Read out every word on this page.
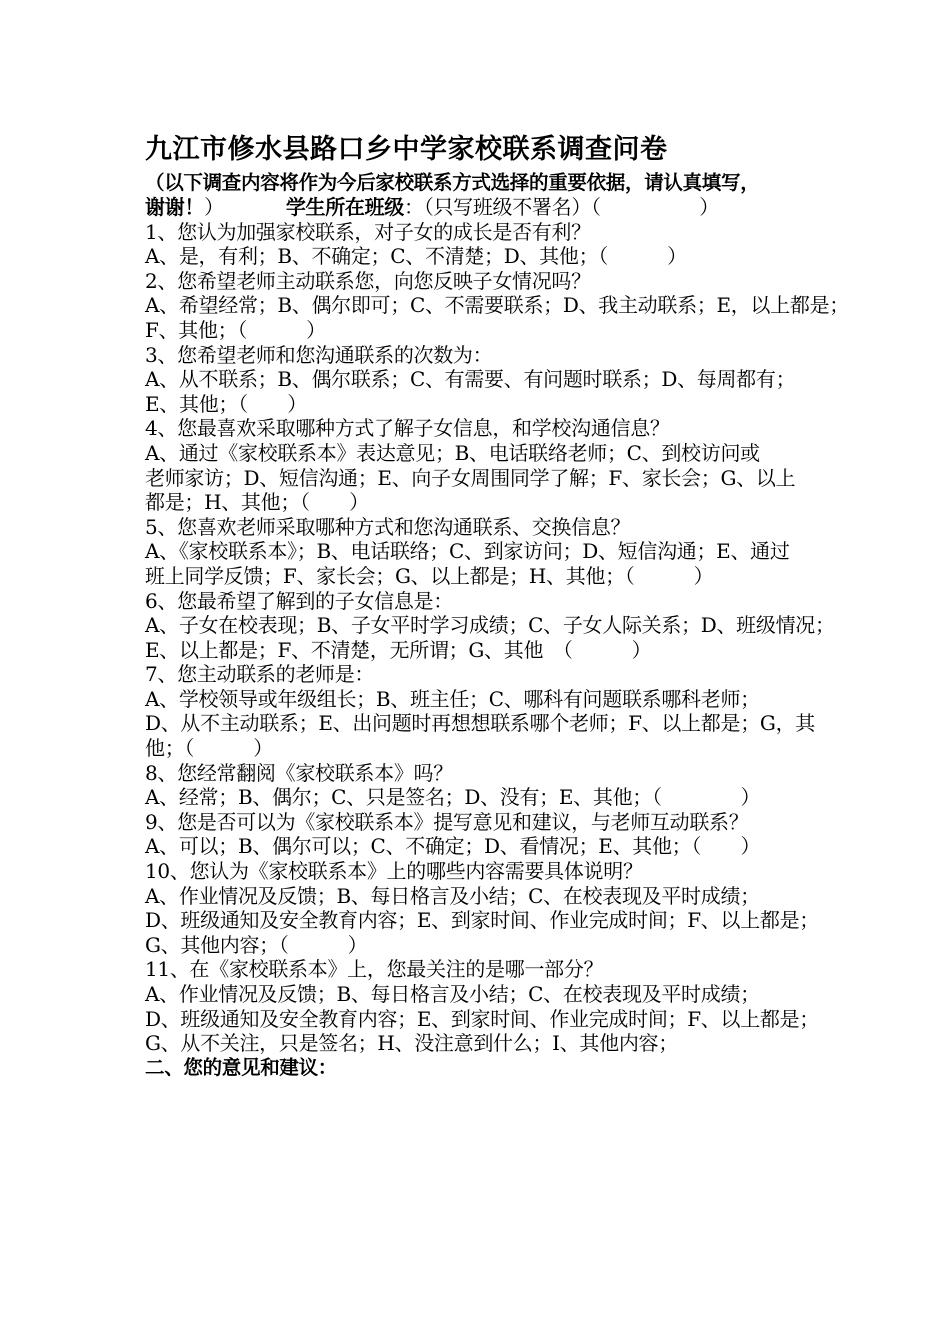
九江市修水县路口乡中学家校联系调查问卷
（以下调查内容将作为今后家校联系方式选择的重要依据，请认真填写，
谢谢！）	学生所在班级：（只写班级不署名）（　　　　　）
1、您认为加强家校联系，对子女的成长是否有利？
A、是，有利；B、不确定；C、不清楚；D、其他；（　　　）
2、您希望老师主动联系您，向您反映子女情况吗？
A、希望经常；B、偶尔即可；C、不需要联系；D、我主动联系；E，以上都是；
F、其他；（　　　）
3、您希望老师和您沟通联系的次数为：
A、从不联系；B、偶尔联系；C、有需要、有问题时联系；D、每周都有；
E、其他；（　　）
4、您最喜欢采取哪种方式了解子女信息，和学校沟通信息？
A、通过《家校联系本》表达意见；B、电话联络老师；C、到校访问或
老师家访；D、短信沟通；E、向子女周围同学了解；F、家长会；G、以上
都是；H、其他；（　　）
5、您喜欢老师采取哪种方式和您沟通联系、交换信息？
A、《家校联系本》；B、电话联络；C、到家访问；D、短信沟通；E、通过
班上同学反馈；F、家长会；G、以上都是；H、其他；（　　　）
6、您最希望了解到的子女信息是：
A、子女在校表现；B、子女平时学习成绩；C、子女人际关系；D、班级情况；
E、以上都是；F、不清楚，无所谓；G、其他　（　　　）
7、您主动联系的老师是：
A、学校领导或年级组长；B、班主任；C、哪科有问题联系哪科老师；
D、从不主动联系；E、出问题时再想想联系哪个老师；F、以上都是；G，其
他；（　　　）
8、您经常翻阅《家校联系本》吗？
A、经常；B、偶尔；C、只是签名；D、没有；E、其他；（　　　　）
9、您是否可以为《家校联系本》提写意见和建议，与老师互动联系？
A、可以；B、偶尔可以；C、不确定；D、看情况；E、其他；（　　）
10、您认为《家校联系本》上的哪些内容需要具体说明？
A、作业情况及反馈；B、每日格言及小结；C、在校表现及平时成绩；
D、班级通知及安全教育内容；E、到家时间、作业完成时间；F、以上都是；
G、其他内容；（　　　）
11、在《家校联系本》上，您最关注的是哪一部分？
A、作业情况及反馈；B、每日格言及小结；C、在校表现及平时成绩；
D、班级通知及安全教育内容；E、到家时间、作业完成时间；F、以上都是；
G、从不关注，只是签名；H、没注意到什么；I、其他内容；
二、您的意见和建议：
